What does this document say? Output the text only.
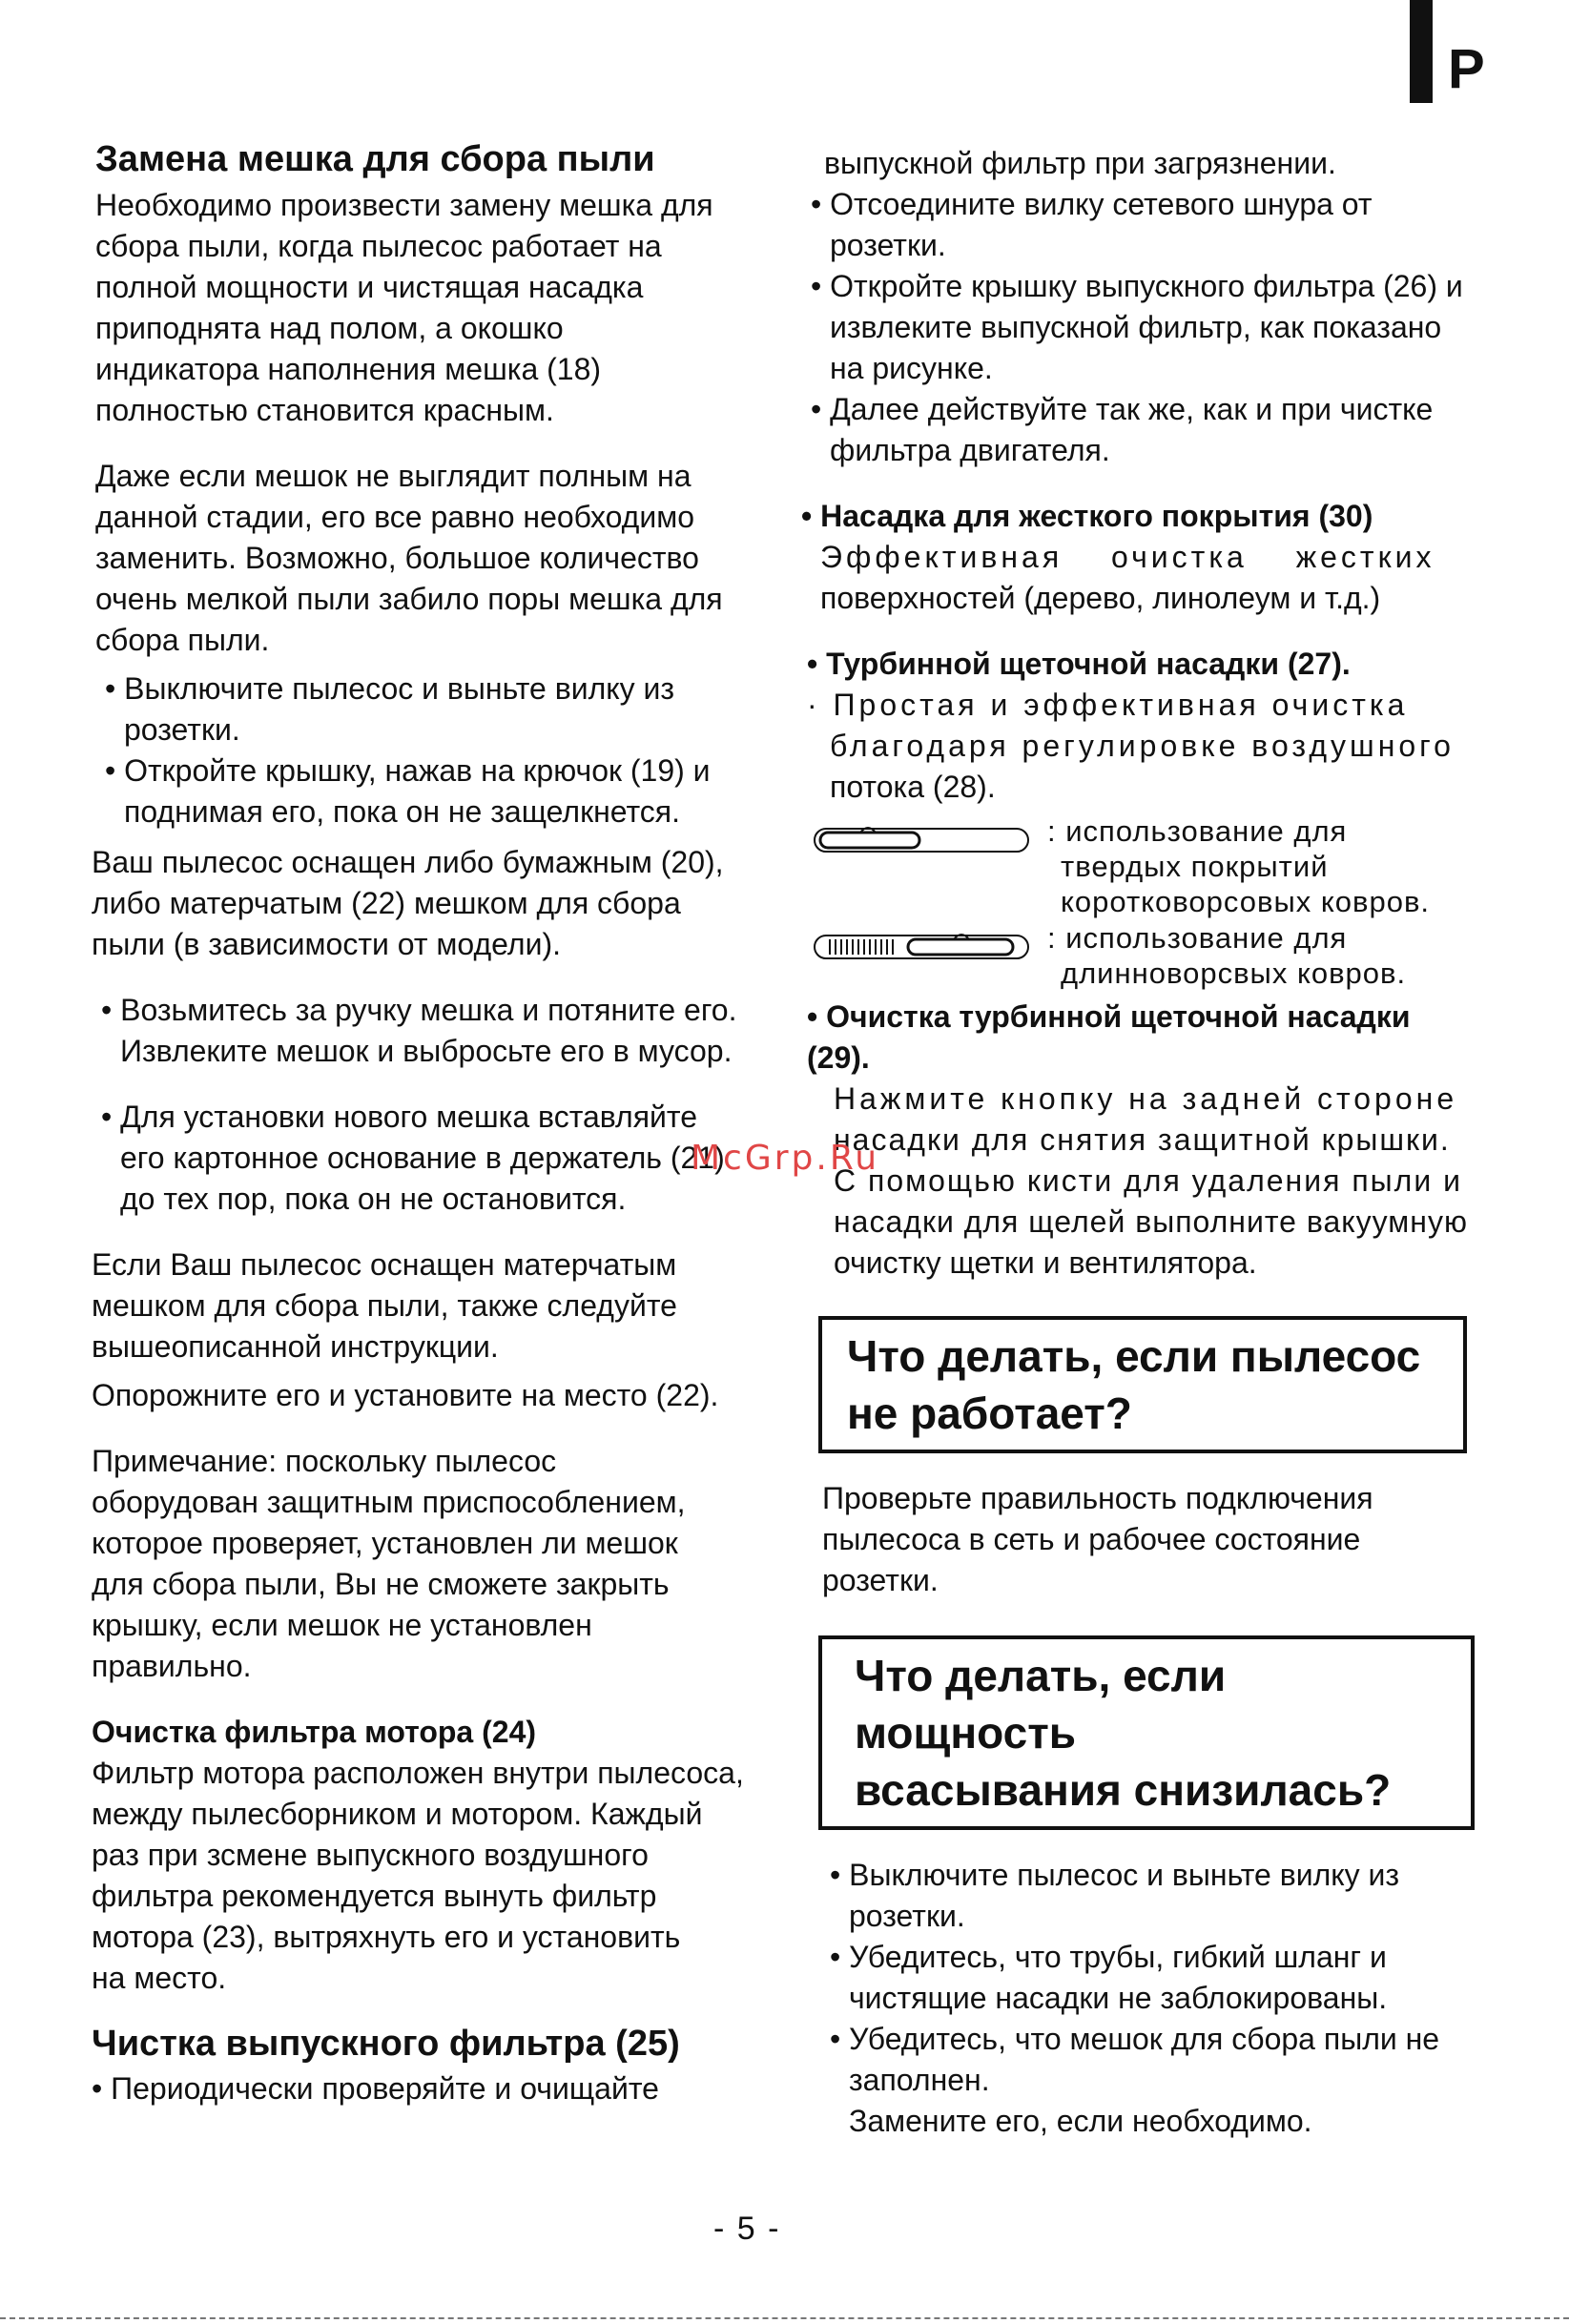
P

Замена мешка для сбора пыли

Необходимо произвести замену мешка для

сбора пыли, когда пылесос работает на

полной мощности и чистящая насадка

приподнята над полом, а окошко

индикатора наполнения мешка (18)

полностью становится красным.

Даже если мешок не выглядит полным на

данной стадии, его все равно необходимо

заменить. Возможно, большое количество

очень мелкой пыли забило поры мешка для

сбора пыли.

• Выключите пылесос и выньте вилку из розетки.

• Откройте крышку, нажав на крючок (19) и поднимая его, пока он не защелкнется.

Ваш пылесос оснащен либо бумажным (20),

либо матерчатым (22) мешком для сбора

пыли (в зависимости от модели).

• Возьмитесь за ручку мешка и потяните его. Извлеките мешок и выбросьте его в мусор.

• Для установки нового мешка вставляйте его картонное основание в держатель (21) до тех пор, пока он не остановится.

Если Ваш пылесос оснащен матерчатым

мешком для сбора пыли, также следуйте

вышеописанной инструкции.

Опорожните его и установите на место (22).

Примечание: поскольку пылесос

оборудован защитным приспособлением,

которое проверяет, установлен ли мешок

для сбора пыли, Вы не сможете закрыть

крышку, если мешок не установлен

правильно.

Очистка фильтра мотора (24)

Фильтр мотора расположен внутри пылесоса,

между пылесборником и мотором. Каждый

раз при зсмене выпускного воздушного

фильтра рекомендуется вынуть фильтр

мотора (23), вытряхнуть его и установить

на место.

Чистка выпускного фильтра (25)

• Периодически проверяйте и очищайте

выпускной фильтр при загрязнении.

• Отсоедините вилку сетевого шнура от розетки.

• Откройте крышку выпускного фильтра (26) и извлеките выпускной фильтр, как показано на рисунке.

• Далее действуйте так же, как и при чистке фильтра двигателя.

• Насадка для жесткого покрытия (30)

Эффективная очистка жестких

поверхностей (дерево, линолеум и т.д.)

• Турбинной щеточной насадки (27).

· Простая и эффективная очистка

благодаря регулировке воздушного

потока (28).

: использование для
твердых покрытий
коротковорсовых ковров.
: использование для
длинноворсвых ковров.

• Очистка турбинной щеточной насадки (29).

Нажмите кнопку на задней стороне

насадки для снятия защитной крышки.

С помощью кисти для удаления пыли и

насадки для щелей выполните вакуумную

очистку щетки и вентилятора.

Что делать, если пылесос
не работает?

Проверьте правильность подключения

пылесоса в сеть и рабочее состояние

розетки.

Что делать, если мощность
всасывания снизилась?

• Выключите пылесос и выньте вилку из розетки.

• Убедитесь, что трубы, гибкий шланг и чистящие насадки не заблокированы.

• Убедитесь, что мешок для сбора пыли не заполнен.

Замените его, если необходимо.

McGrp.Ru
- 5 -
